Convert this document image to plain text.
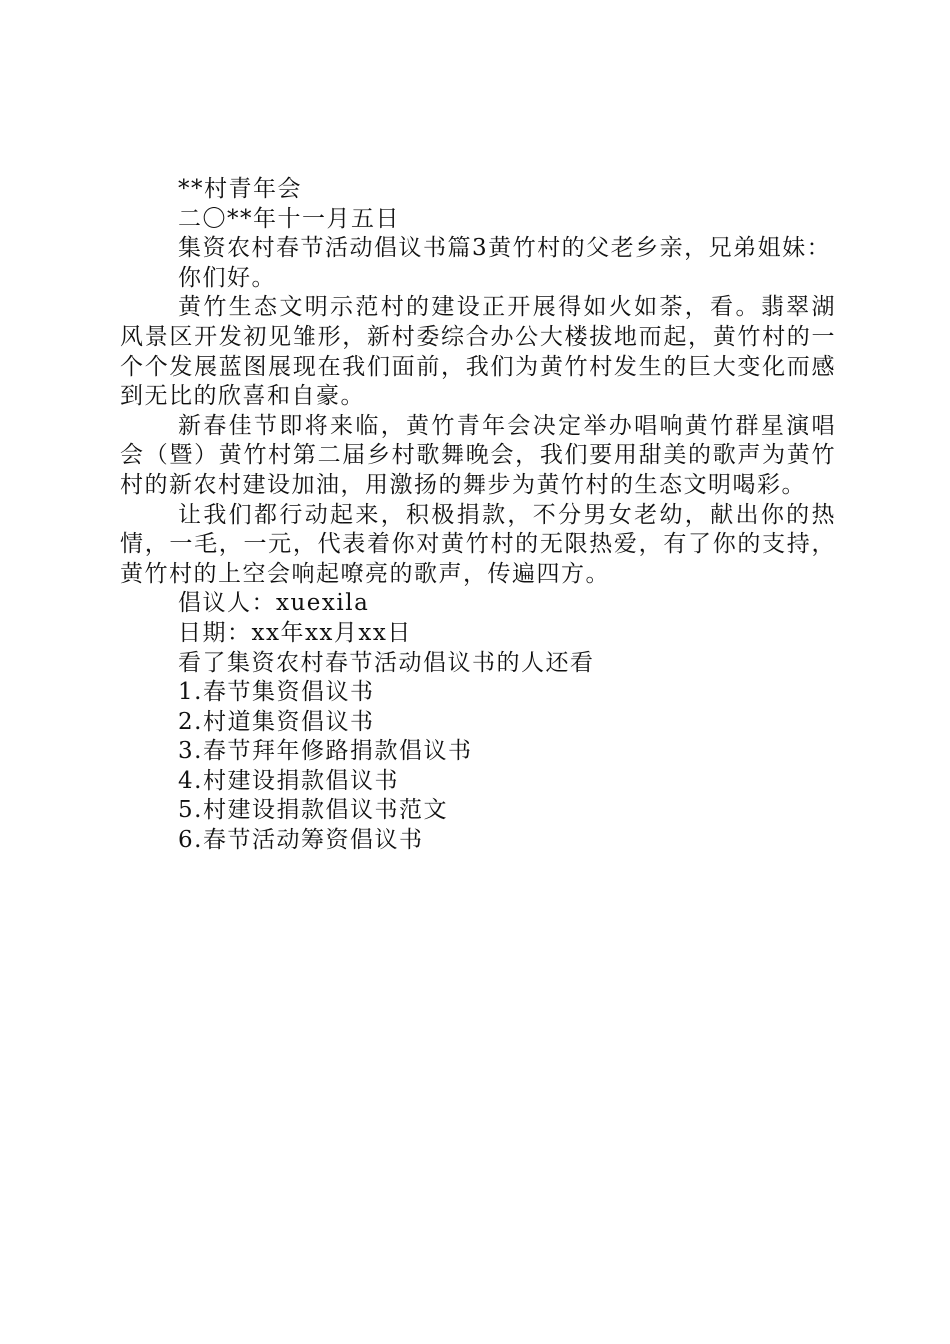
**村青年会

二〇**年十一月五日

集资农村春节活动倡议书篇3黄竹村的父老乡亲，兄弟姐妹：

你们好。

黄竹生态文明示范村的建设正开展得如火如荼，看。翡翠湖风景区开发初见雏形，新村委综合办公大楼拔地而起，黄竹村的一个个发展蓝图展现在我们面前，我们为黄竹村发生的巨大变化而感到无比的欣喜和自豪。

新春佳节即将来临，黄竹青年会决定举办唱响黄竹群星演唱会（暨）黄竹村第二届乡村歌舞晚会，我们要用甜美的歌声为黄竹村的新农村建设加油，用激扬的舞步为黄竹村的生态文明喝彩。

让我们都行动起来，积极捐款，不分男女老幼，献出你的热情，一毛，一元，代表着你对黄竹村的无限热爱，有了你的支持，黄竹村的上空会响起嘹亮的歌声，传遍四方。

倡议人：xuexila

日期：xx年xx月xx日

看了集资农村春节活动倡议书的人还看

1.春节集资倡议书

2.村道集资倡议书

3.春节拜年修路捐款倡议书

4.村建设捐款倡议书

5.村建设捐款倡议书范文

6.春节活动筹资倡议书
